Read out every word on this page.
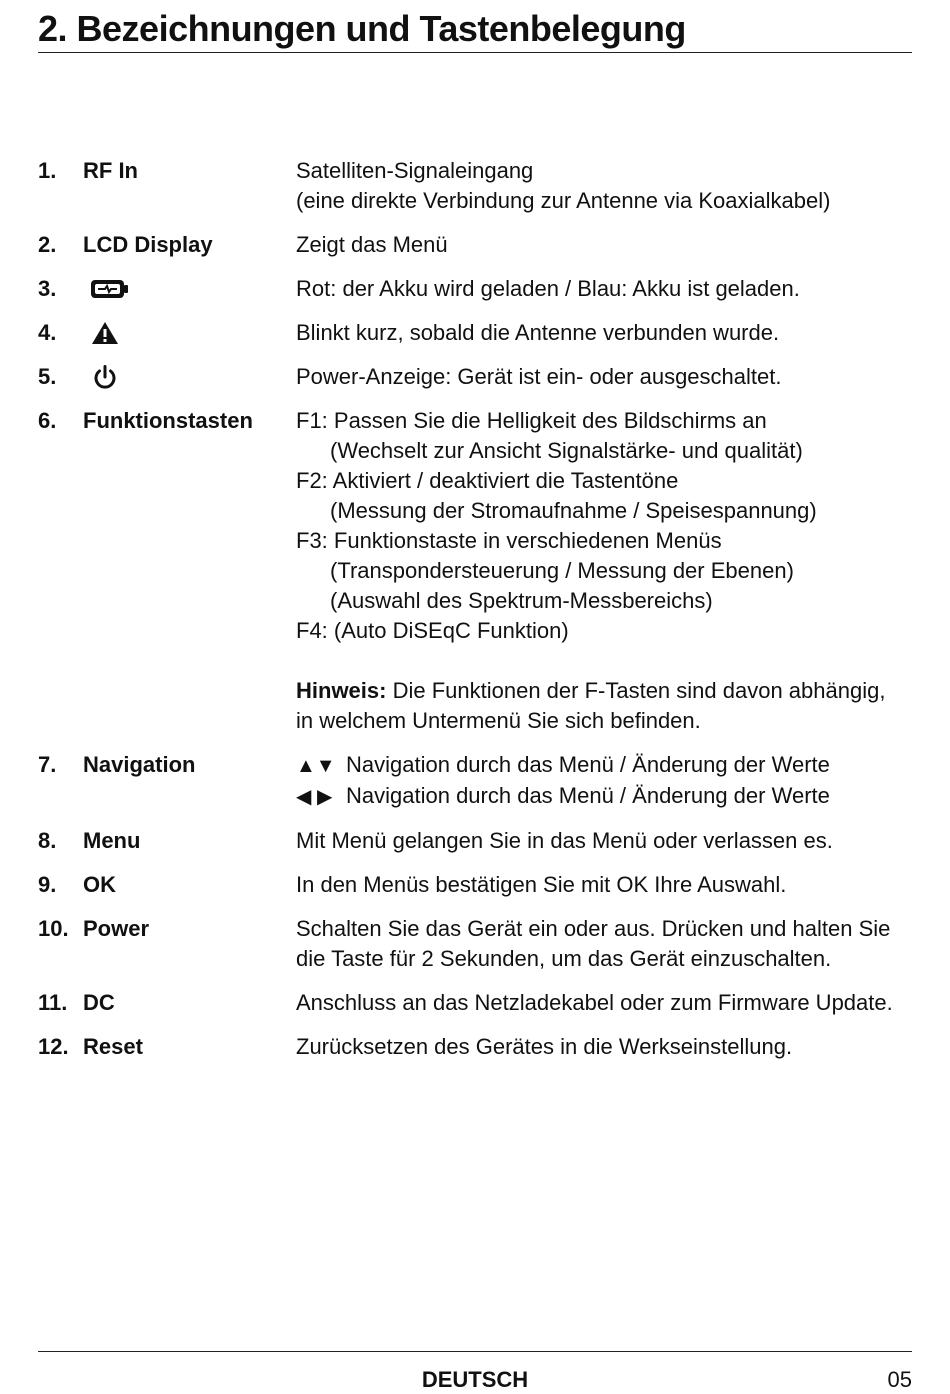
2. Bezeichnungen und Tastenbelegung
1. RF In	Satelliten-Signaleingang
(eine direkte Verbindung zur Antenne via Koaxialkabel)
2. LCD Display	Zeigt das Menü
3.	Rot: der Akku wird geladen / Blau: Akku ist geladen.
4.	Blinkt kurz, sobald die Antenne verbunden wurde.
5.	Power-Anzeige: Gerät ist ein- oder ausgeschaltet.
6. Funktionstasten F1: Passen Sie die Helligkeit des Bildschirms an
(Wechselt zur Ansicht Signalstärke- und qualität)
F2: Aktiviert / deaktiviert die Tastentöne
(Messung der Stromaufnahme / Speisespannung)
F3: Funktionstaste in verschiedenen Menüs
(Transpondersteuerung / Messung der Ebenen)
(Auswahl des Spektrum-Messbereichs)
F4: (Auto DiSEqC Funktion)
Hinweis: Die Funktionen der F-Tasten sind davon abhängig,
in welchem Untermenü Sie sich befinden.
7. Navigation	▲▼ Navigation durch das Menü / Änderung der Werte
◀ ▶ Navigation durch das Menü / Änderung der Werte
8. Menu	Mit Menü gelangen Sie in das Menü oder verlassen es.
9. OK	In den Menüs bestätigen Sie mit OK Ihre Auswahl.
10. Power	Schalten Sie das Gerät ein oder aus. Drücken und halten Sie
die Taste für 2 Sekunden, um das Gerät einzuschalten.
11. DC	Anschluss an das Netzladekabel oder zum Firmware Update.
12. Reset	Zurücksetzen des Gerätes in die Werkseinstellung.
DEUTSCH	05
